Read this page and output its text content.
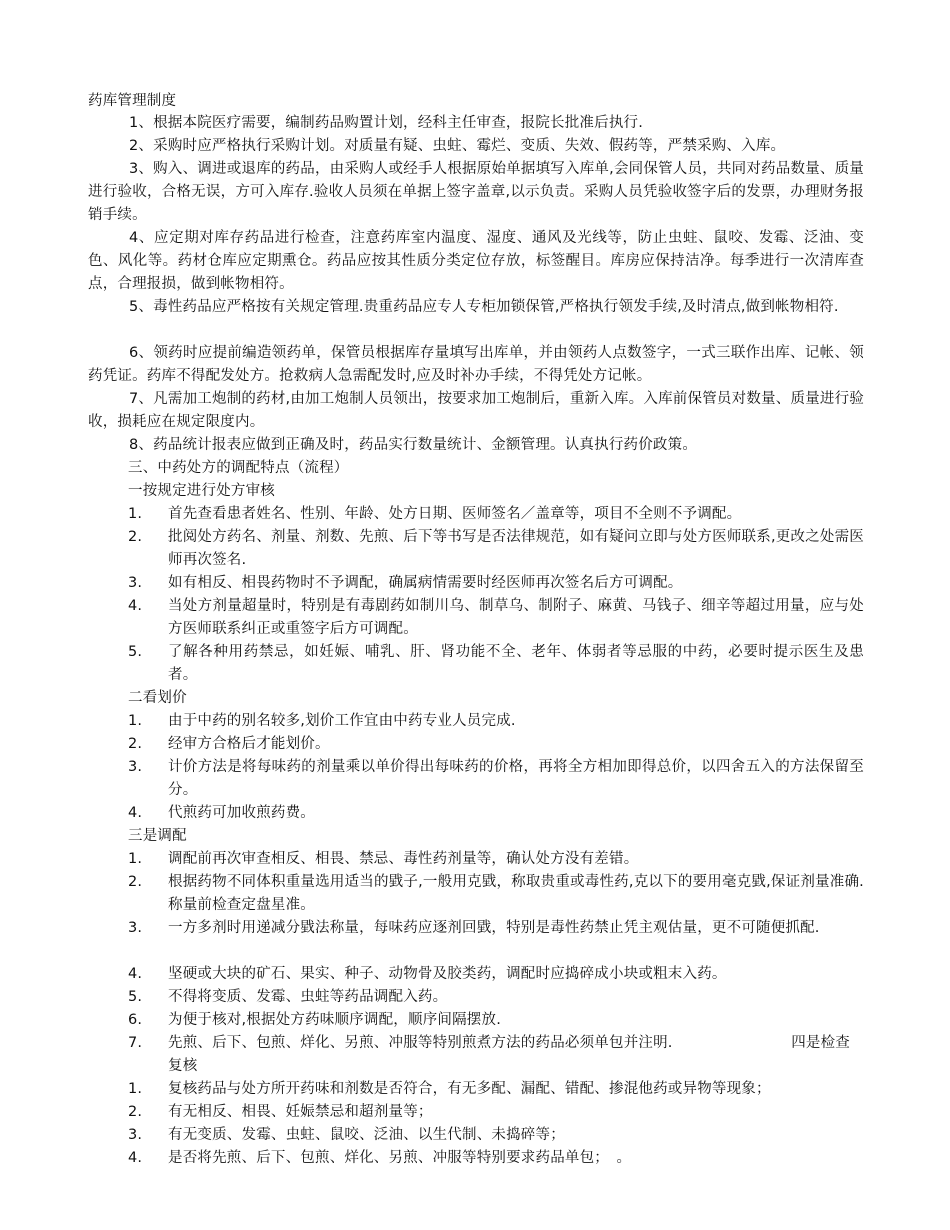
药库管理制度

1、根据本院医疗需要，编制药品购置计划，经科主任审查，报院长批准后执行.

2、采购时应严格执行采购计划。对质量有疑、虫蛀、霉烂、变质、失效、假药等，严禁采购、入库。

3、购入、调进或退库的药品，由采购人或经手人根据原始单据填写入库单,会同保管人员，共同对药品数量、质量进行验收，合格无误，方可入库存.验收人员须在单据上签字盖章,以示负责。采购人员凭验收签字后的发票，办理财务报销手续。

4、应定期对库存药品进行检查，注意药库室内温度、湿度、通风及光线等，防止虫蛀、鼠咬、发霉、泛油、变色、风化等。药材仓库应定期熏仓。药品应按其性质分类定位存放，标签醒目。库房应保持洁净。每季进行一次清库查点，合理报损，做到帐物相符。

5、毒性药品应严格按有关规定管理.贵重药品应专人专柜加锁保管,严格执行领发手续,及时清点,做到帐物相符.

6、领药时应提前编造领药单，保管员根据库存量填写出库单，并由领药人点数签字，一式三联作出库、记帐、领药凭证。药库不得配发处方。抢救病人急需配发时,应及时补办手续，不得凭处方记帐。

7、凡需加工炮制的药材,由加工炮制人员领出，按要求加工炮制后，重新入库。入库前保管员对数量、质量进行验收，损耗应在规定限度内。

8、药品统计报表应做到正确及时，药品实行数量统计、金额管理。认真执行药价政策。

三、中药处方的调配特点（流程）
一按规定进行处方审核
1.	首先查看患者姓名、性别、年龄、处方日期、医师签名／盖章等，项目不全则不予调配。
2.	批阅处方药名、剂量、剂数、先煎、后下等书写是否法律规范，如有疑问立即与处方医师联系,更改之处需医师再次签名.
3.	如有相反、相畏药物时不予调配，确属病情需要时经医师再次签名后方可调配。
4.	当处方剂量超量时，特别是有毒剧药如制川乌、制草乌、制附子、麻黄、马钱子、细辛等超过用量，应与处方医师联系纠正或重签字后方可调配。
5.	了解各种用药禁忌，如妊娠、哺乳、肝、肾功能不全、老年、体弱者等忌服的中药，必要时提示医生及患者。
二看划价
1.	由于中药的别名较多,划价工作宜由中药专业人员完成.
2.	经审方合格后才能划价。
3.	计价方法是将每味药的剂量乘以单价得出每味药的价格，再将全方相加即得总价，以四舍五入的方法保留至分。
4.	代煎药可加收煎药费。
三是调配
1.	调配前再次审查相反、相畏、禁忌、毒性药剂量等，确认处方没有差错。
2.	根据药物不同体积重量选用适当的戥子,一般用克戥，称取贵重或毒性药,克以下的要用毫克戥,保证剂量准确.称量前检查定盘星准。
3.	一方多剂时用递减分戥法称量，每味药应逐剂回戥，特别是毒性药禁止凭主观估量，更不可随便抓配.
4.	坚硬或大块的矿石、果实、种子、动物骨及胶类药，调配时应捣碎成小块或粗末入药。
5.	不得将变质、发霉、虫蛀等药品调配入药。
6.	为便于核对,根据处方药味顺序调配，顺序间隔摆放.
7.	先煎、后下、包煎、烊化、另煎、冲服等特别煎煮方法的药品必须单包并注明.	四是检查
复核
1.	复核药品与处方所开药味和剂数是否符合，有无多配、漏配、错配、掺混他药或异物等现象；
2.	有无相反、相畏、妊娠禁忌和超剂量等；
3.	有无变质、发霉、虫蛀、鼠咬、泛油、以生代制、未捣碎等；
4.	是否将先煎、后下、包煎、烊化、另煎、冲服等特别要求药品单包；　。
